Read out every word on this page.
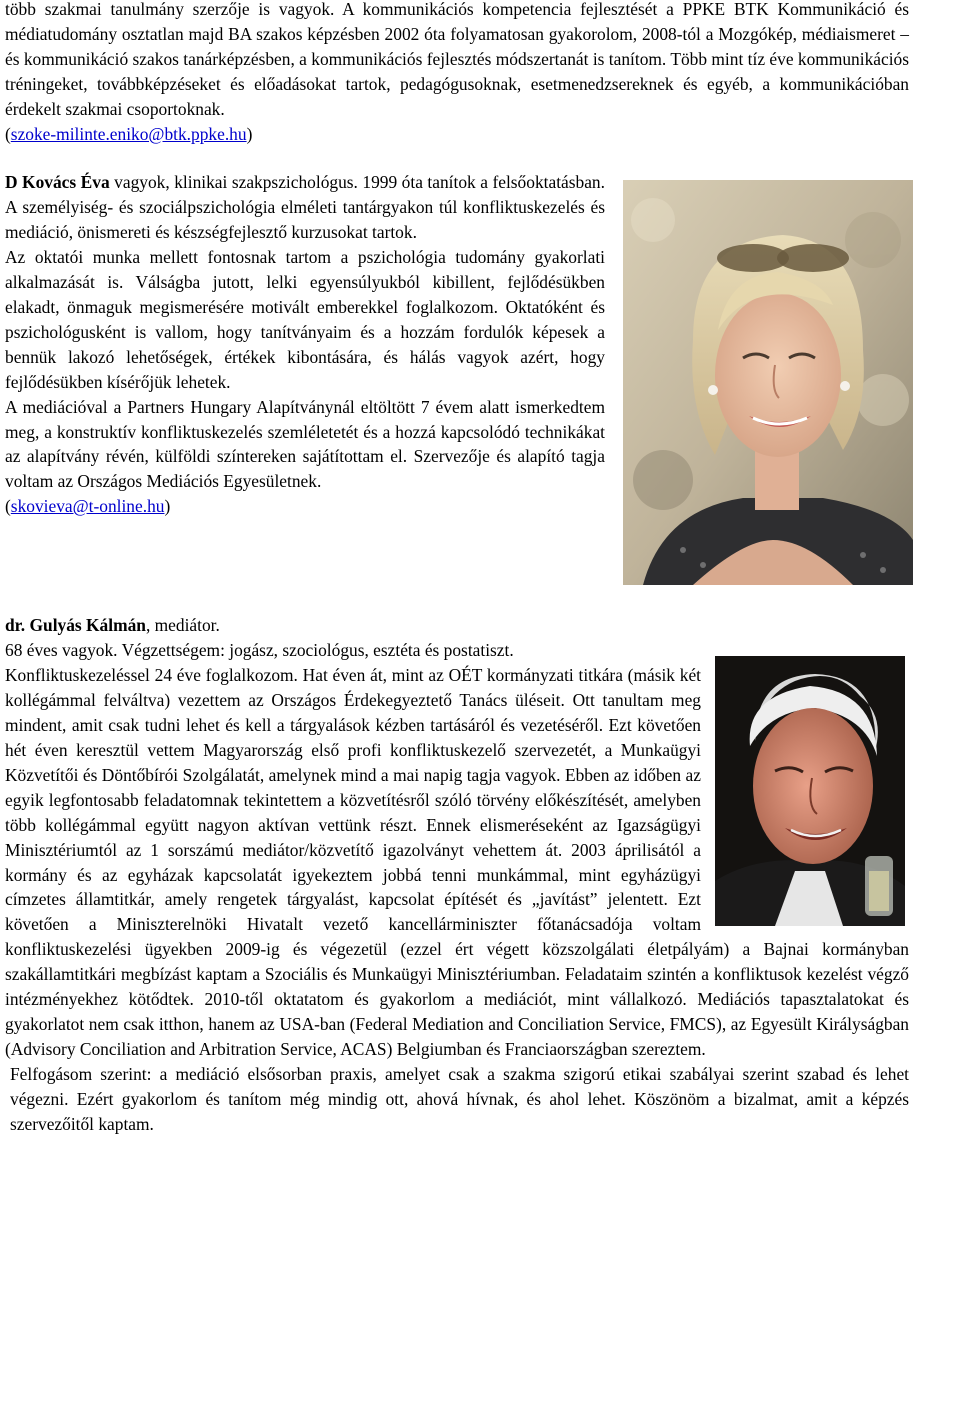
több szakmai tanulmány szerzője is vagyok. A kommunikációs kompetencia fejlesztését a PPKE BTK Kommunikáció és médiatudomány osztatlan majd BA szakos képzésben 2002 óta folyamatosan gyakorolom, 2008-tól a Mozgókép, médiaismeret –és kommunikáció szakos tanárképzésben, a kommunikációs fejlesztés módszertanát is tanítom. Több mint tíz éve kommunikációs tréningeket, továbbképzéseket és előadásokat tartok, pedagógusoknak, esetmenedzsereknek és egyéb, a kommunikációban érdekelt szakmai csoportoknak.

(szoke-milinte.eniko@btk.ppke.hu)

D Kovács Éva vagyok, klinikai szakpszichológus. 1999 óta tanítok a felsőoktatásban. A személyiség- és szociálpszichológia elméleti tantárgyakon túl konfliktuskezelés és mediáció, önismereti és készségfejlesztő kurzusokat tartok.

Az oktatói munka mellett fontosnak tartom a pszichológia tudomány gyakorlati alkalmazását is. Válságba jutott, lelki egyensúlyukból kibillent, fejlődésükben elakadt, önmaguk megismerésére motivált emberekkel foglalkozom. Oktatóként és pszichológusként is vallom, hogy tanítványaim és a hozzám fordulók képesek a bennük lakozó lehetőségek, értékek kibontására, és hálás vagyok azért, hogy fejlődésükben kísérőjük lehetek.

A mediációval a Partners Hungary Alapítványnál eltöltött 7 évem alatt ismerkedtem meg, a konstruktív konfliktuskezelés szemléletetét és a hozzá kapcsolódó technikákat az alapítvány révén, külföldi színtereken sajátítottam el. Szervezője és alapító tagja voltam az Országos Mediációs Egyesületnek.

(skovieva@t-online.hu)

dr. Gulyás Kálmán, mediátor.

68 éves vagyok. Végzettségem: jogász, szociológus, esztéta és postatiszt.

Konfliktuskezeléssel 24 éve foglalkozom. Hat éven át, mint az OÉT kormányzati titkára (másik két kollégámmal felváltva) vezettem az Országos Érdekegyeztető Tanács üléseit. Ott tanultam meg mindent, amit csak tudni lehet és kell a tárgyalások kézben tartásáról és vezetéséről. Ezt követően hét éven keresztül vettem Magyarország első profi konfliktuskezelő szervezetét, a Munkaügyi Közvetítői és Döntőbírói Szolgálatát, amelynek mind a mai napig tagja vagyok. Ebben az időben az egyik legfontosabb feladatomnak tekintettem a közvetítésről szóló törvény előkészítését, amelyben több kollégámmal együtt nagyon aktívan vettünk részt. Ennek elismeréseként az Igazságügyi Minisztériumtól az 1 sorszámú mediátor/közvetítő igazolványt vehettem át. 2003 áprilisától a kormány és az egyházak kapcsolatát igyekeztem jobbá tenni munkámmal, mint egyházügyi címzetes államtitkár, amely rengetek tárgyalást, kapcsolat építését és „javítást” jelentett. Ezt követően a Miniszterelnöki Hivatalt vezető kancellárminiszter főtanácsadója voltam konfliktuskezelési ügyekben 2009-ig és végezetül (ezzel ért végett közszolgálati életpályám) a Bajnai kormányban szakállamtitkári megbízást kaptam a Szociális és Munkaügyi Minisztériumban. Feladataim szintén a konfliktusok kezelést végző intézményekhez kötődtek. 2010-től oktatatom és gyakorlom a mediációt, mint vállalkozó. Mediációs tapasztalatokat és gyakorlatot nem csak itthon, hanem az USA-ban (Federal Mediation and Conciliation Service, FMCS), az Egyesült Királyságban (Advisory Conciliation and Arbitration Service, ACAS) Belgiumban és Franciaországban szereztem.

Felfogásom szerint: a mediáció elsősorban praxis, amelyet csak a szakma szigorú etikai szabályai szerint szabad és lehet végezni. Ezért gyakorlom és tanítom még mindig ott, ahová hívnak, és ahol lehet. Köszönöm a bizalmat, amit a képzés szervezőitől kaptam.
